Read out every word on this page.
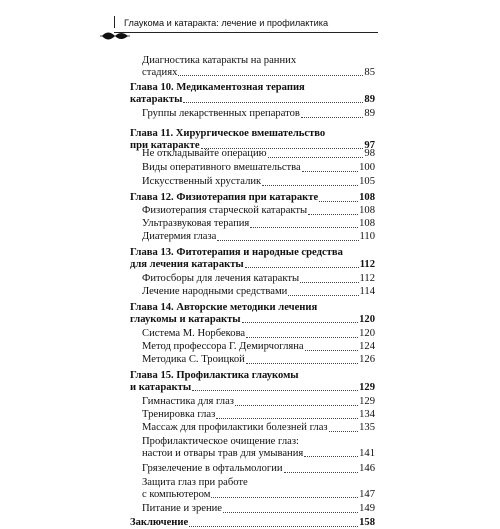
Глаукома и катаракта: лечение и профилактика
Диагностика катаракты на ранних
стадиях	85
Глава 10. Медикаментозная терапия
катаракты	89
Группы лекарственных препаратов	89
Глава 11. Хирургическое вмешательство
при катаракте	97
Не откладывайте операцию	98
Виды оперативного вмешательства	100
Искусственный хрусталик	105
Глава 12. Физиотерапия при катаракте	108
Физиотерапия старческой катаракты	108
Ультразвуковая терапия	108
Диатермия глаза	110
Глава 13. Фитотерапия и народные средства
для лечения катаракты	112
Фитосборы для лечения катаракты	112
Лечение народными средствами	114
Глава 14. Авторские методики лечения
глаукомы и катаракты	120
Система М. Норбекова	120
Метод профессора Г. Демирчогляна	124
Методика С. Троицкой	126
Глава 15. Профилактика глаукомы
и катаракты	129
Гимнастика для глаз	129
Тренировка глаз	134
Массаж для профилактики болезней глаз	135
Профилактическое очищение глаз:
настои и отвары трав для умывания	141
Грязелечение в офтальмологии	146
Защита глаз при работе
с компьютером	147
Питание и зрение	149
Заключение	158
